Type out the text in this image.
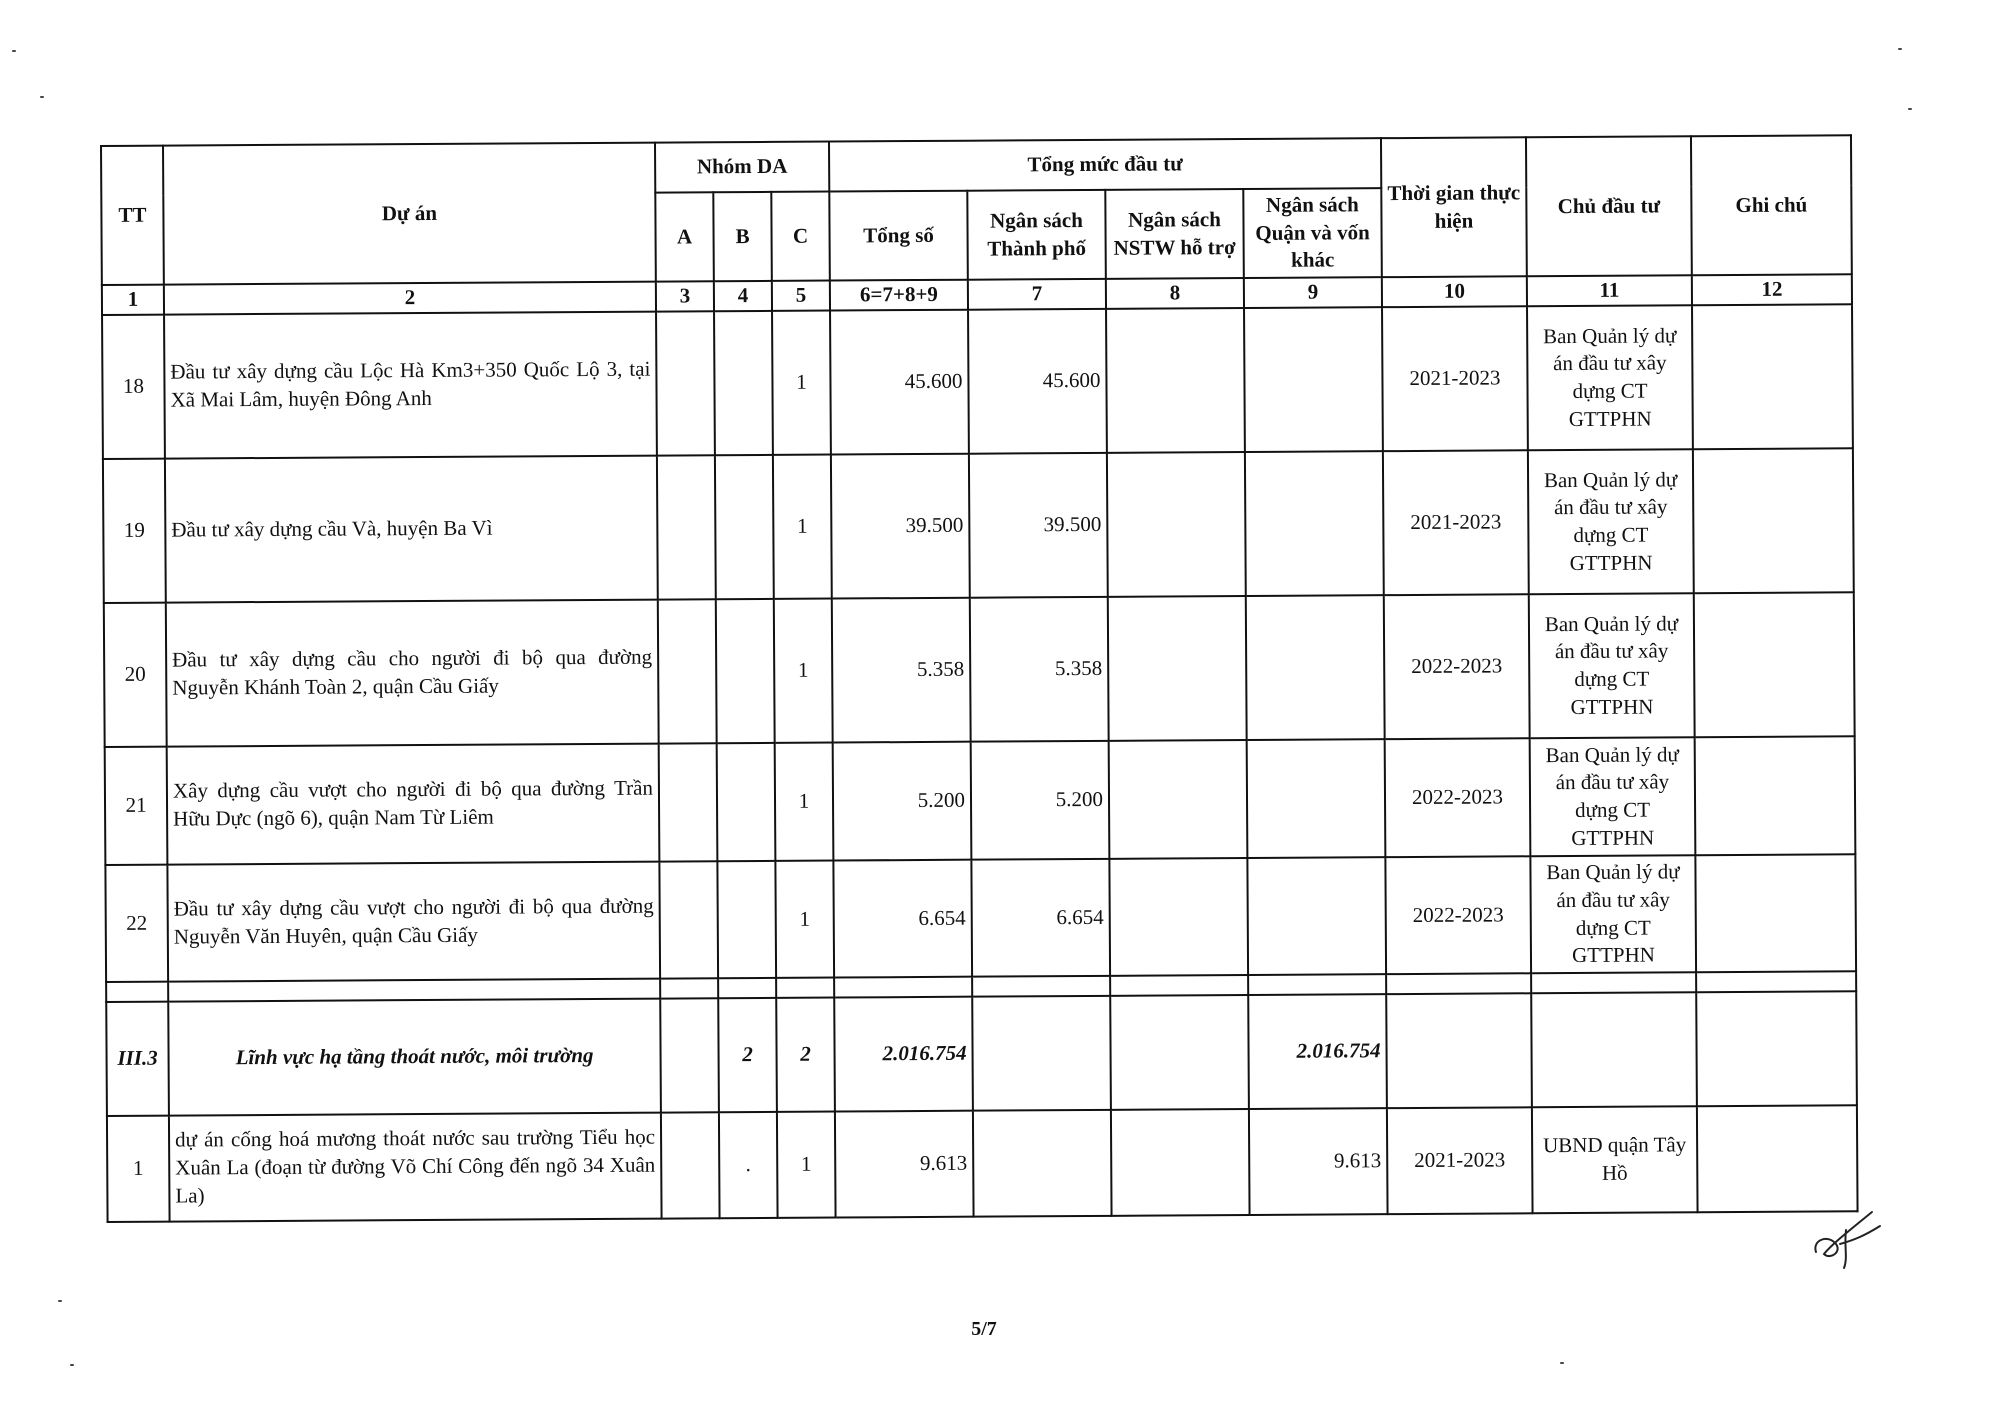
TT	Dự án	Nhóm DA			Tổng mức đầu tư				Thời gian thực hiện	Chủ đầu tư	Ghi chú
		A	B	C	Tổng số	Ngân sách Thành phố	Ngân sách NSTW hỗ trợ	Ngân sách Quận và vốn khác			
1	2	3	4	5	6=7+8+9	7	8	9	10	11	12
18	Đầu tư xây dựng cầu Lộc Hà Km3+350 Quốc Lộ 3, tại Xã Mai Lâm, huyện Đông Anh			1	45.600	45.600			2021-2023	Ban Quản lý dự án đầu tư xây dựng CT GTTPHN	
19	Đầu tư xây dựng cầu Và, huyện Ba Vì			1	39.500	39.500			2021-2023	Ban Quản lý dự án đầu tư xây dựng CT GTTPHN	
20	Đầu tư xây dựng cầu cho người đi bộ qua đường Nguyễn Khánh Toàn 2, quận Cầu Giấy			1	5.358	5.358			2022-2023	Ban Quản lý dự án đầu tư xây dựng CT GTTPHN	
21	Xây dựng cầu vượt cho người đi bộ qua đường Trần Hữu Dực (ngõ 6), quận Nam Từ Liêm			1	5.200	5.200			2022-2023	Ban Quản lý dự án đầu tư xây dựng CT GTTPHN	
22	Đầu tư xây dựng cầu vượt cho người đi bộ qua đường Nguyễn Văn Huyên, quận Cầu Giấy			1	6.654	6.654			2022-2023	Ban Quản lý dự án đầu tư xây dựng CT GTTPHN	

III.3	Lĩnh vực hạ tầng thoát nước, môi trường		2	2	2.016.754			2.016.754			
1	dự án cống hoá mương thoát nước sau trường Tiểu học Xuân La (đoạn từ đường Võ Chí Công đến ngõ 34 Xuân La)		.	1	9.613			9.613	2021-2023	UBND quận Tây Hồ	
5/7
